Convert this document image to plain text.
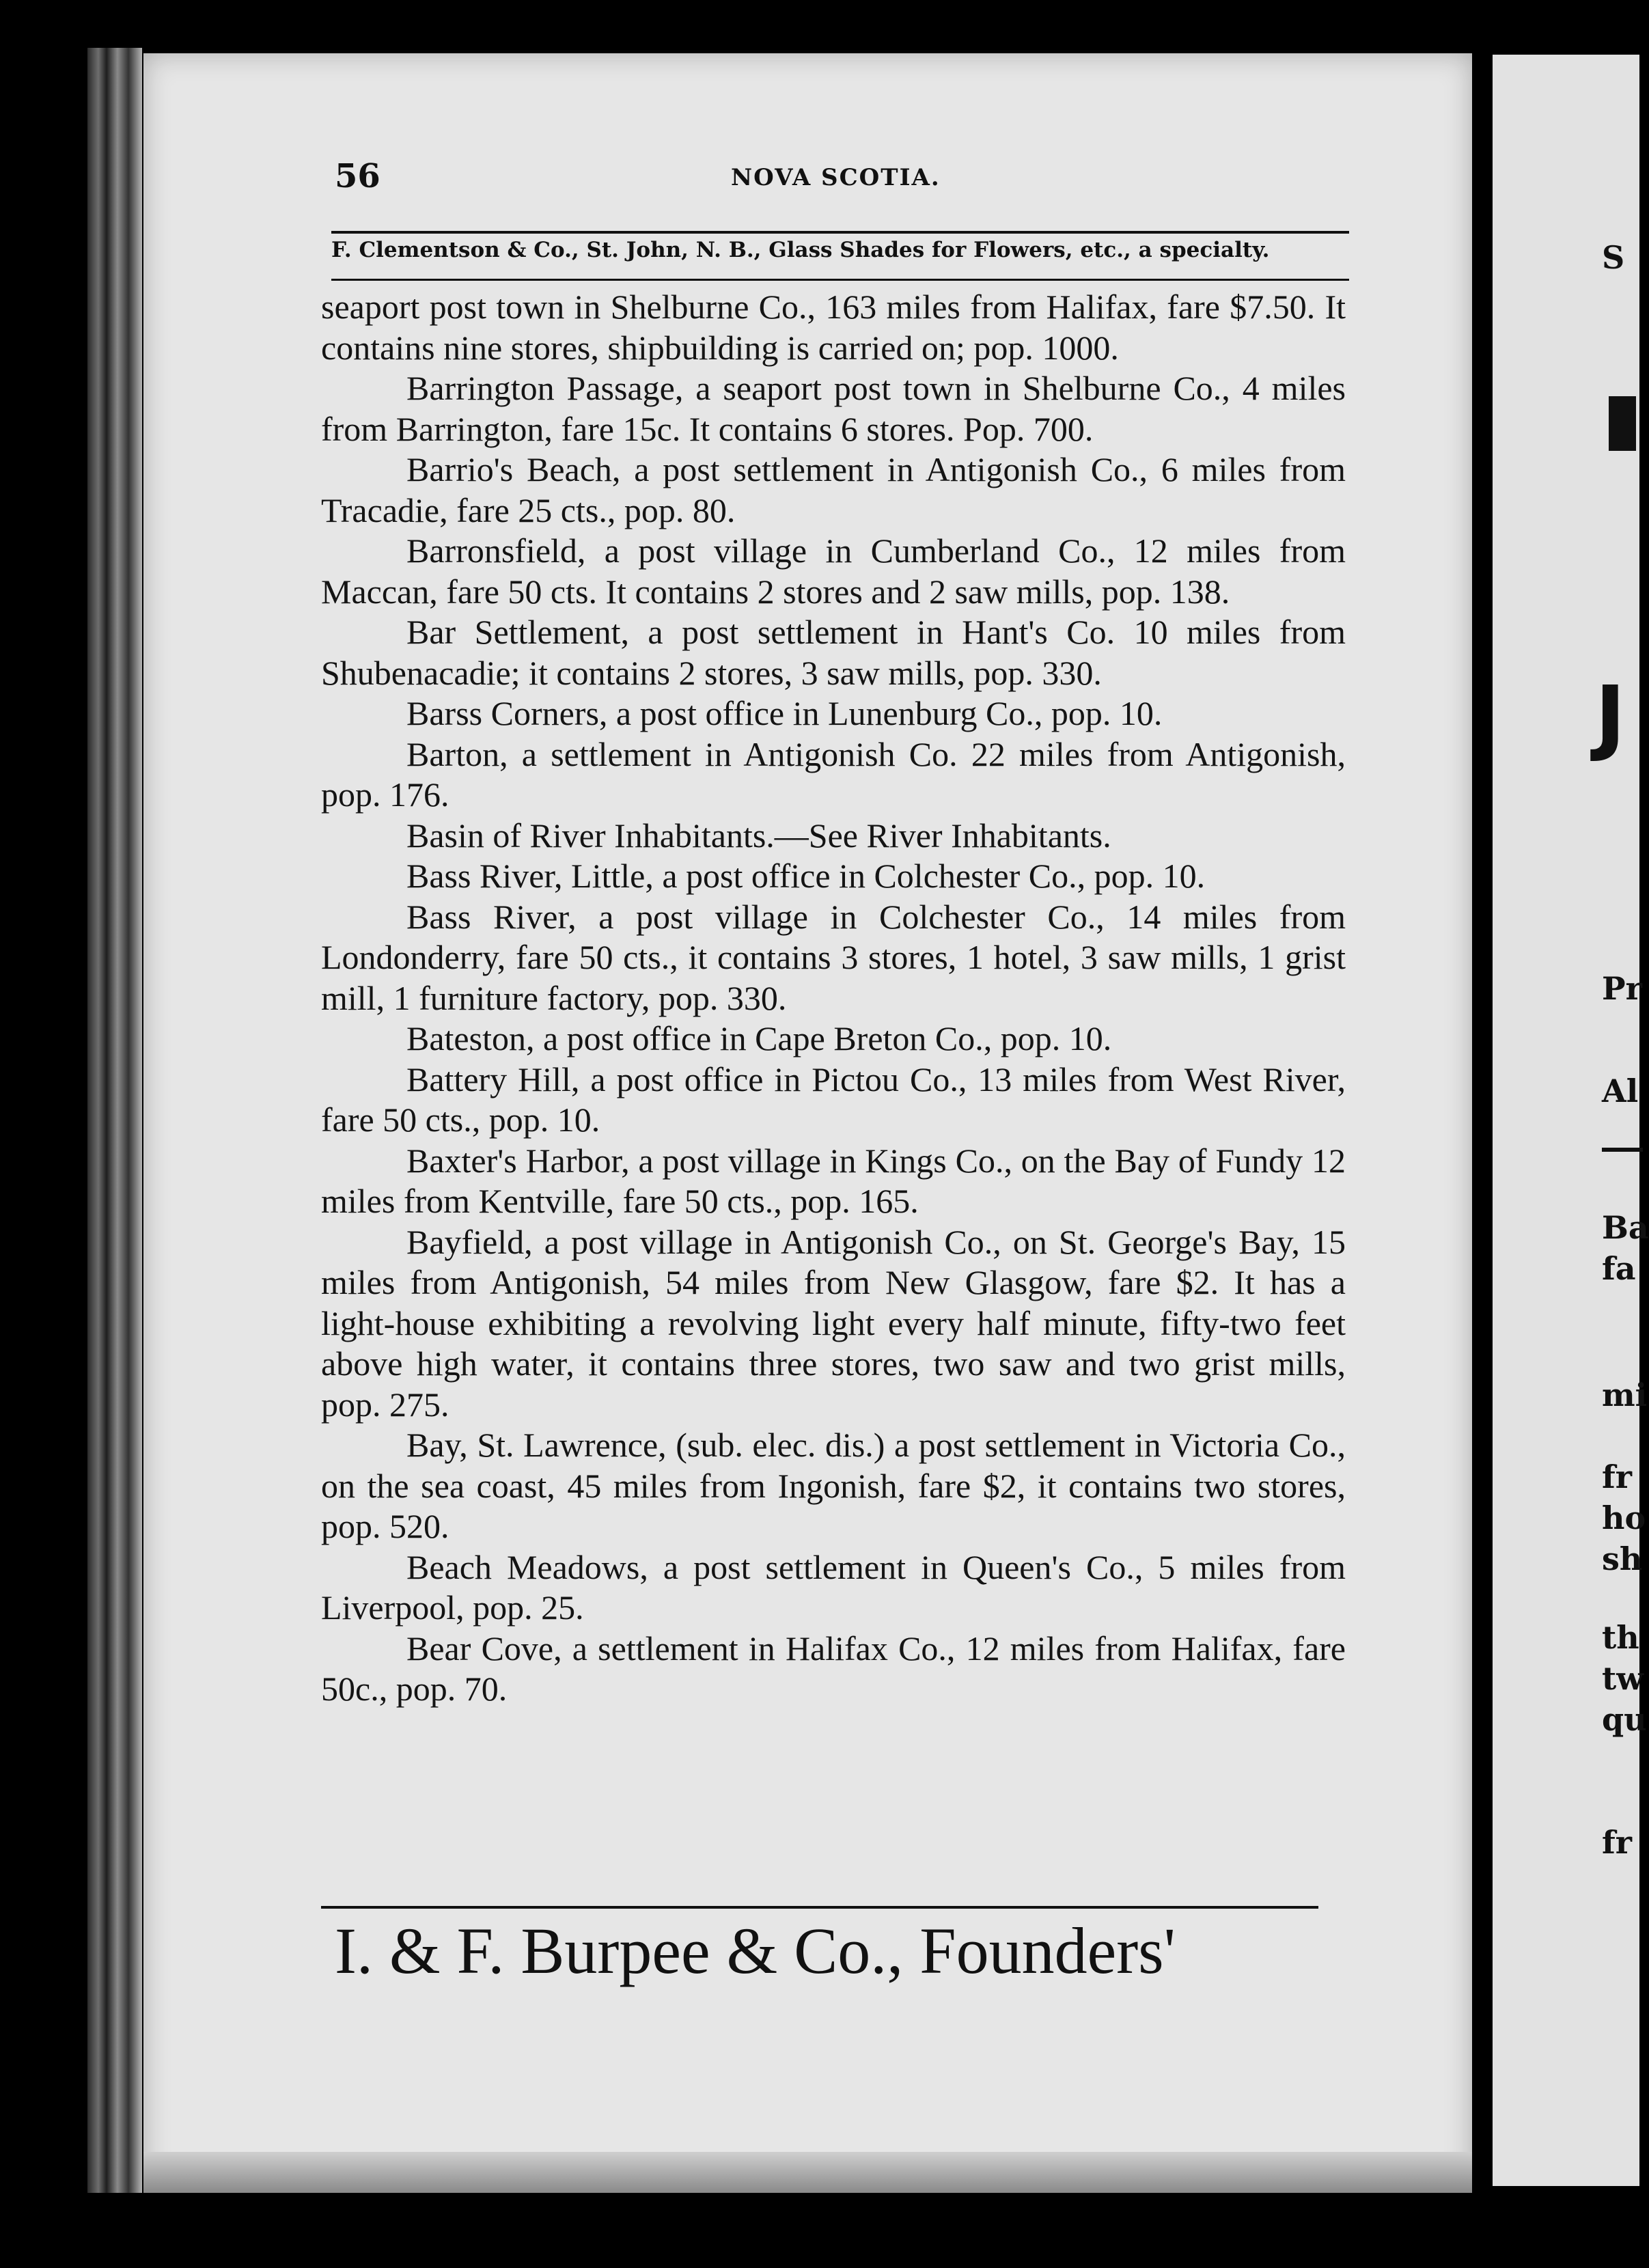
S
J
Pr
Al
Ba
fa
mi
fr
ho
sh
th
tw
qu
fr
56	NOVA SCOTIA.
F. Clementson & Co., St. John, N. B., Glass Shades for Flowers, etc., a specialty.

seaport post town in Shelburne Co., 163 miles from Halifax, fare $7.50. It contains nine stores, shipbuilding is carried on; pop. 1000.

Barrington Passage, a seaport post town in Shelburne Co., 4 miles from Barrington, fare 15c. It contains 6 stores. Pop. 700.

Barrio's Beach, a post settlement in Antigonish Co., 6 miles from Tracadie, fare 25 cts., pop. 80.

Barronsfield, a post village in Cumberland Co., 12 miles from Maccan, fare 50 cts. It contains 2 stores and 2 saw mills, pop. 138.

Bar Settlement, a post settlement in Hant's Co. 10 miles from Shubenacadie; it contains 2 stores, 3 saw mills, pop. 330.

Barss Corners, a post office in Lunenburg Co., pop. 10.

Barton, a settlement in Antigonish Co. 22 miles from Antigonish, pop. 176.

Basin of River Inhabitants.—See River Inhabitants.

Bass River, Little, a post office in Colchester Co., pop. 10.

Bass River, a post village in Colchester Co., 14 miles from Londonderry, fare 50 cts., it contains 3 stores, 1 hotel, 3 saw mills, 1 grist mill, 1 furniture factory, pop. 330.

Bateston, a post office in Cape Breton Co., pop. 10.

Battery Hill, a post office in Pictou Co., 13 miles from West River, fare 50 cts., pop. 10.

Baxter's Harbor, a post village in Kings Co., on the Bay of Fundy 12 miles from Kentville, fare 50 cts., pop. 165.

Bayfield, a post village in Antigonish Co., on St. George's Bay, 15 miles from Antigonish, 54 miles from New Glasgow, fare $2. It has a light-house exhibiting a revolving light every half minute, fifty-two feet above high water, it contains three stores, two saw and two grist mills, pop. 275.

Bay, St. Lawrence, (sub. elec. dis.) a post settlement in Victoria Co., on the sea coast, 45 miles from Ingonish, fare $2, it contains two stores, pop. 520.

Beach Meadows, a post settlement in Queen's Co., 5 miles from Liverpool, pop. 25.

Bear Cove, a settlement in Halifax Co., 12 miles from Halifax, fare 50c., pop. 70.

I. & F. Burpee & Co., Founders'
